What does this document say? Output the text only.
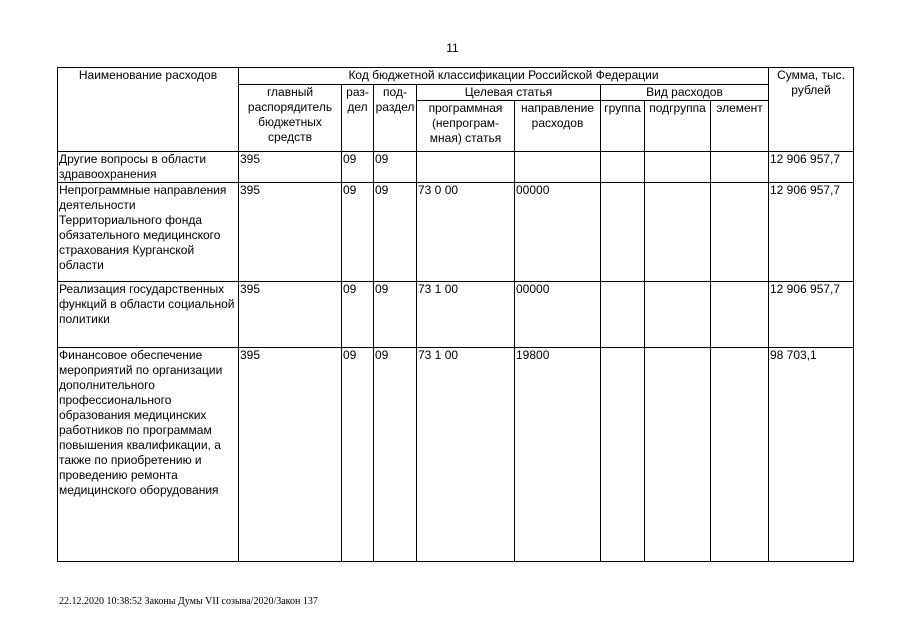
11
Наименование расходов	Код бюджетной классификации Российской Федерации								Сумма, тыс. рублей
	главный распорядитель бюджетных средств	раз- дел	под- раздел	Целевая статья		Вид расходов			
				программная (непрограм- мная) статья	направление расходов	группа	подгруппа	элемент	
Другие вопросы в области здравоохранения	395	09	09						12 906 957,7
Непрограммные направления деятельности Территориального фонда обязательного медицинского страхования Курганской области	395	09	09	73 0 00	00000				12 906 957,7
Реализация государственных функций в области социальной политики	395	09	09	73 1 00	00000				12 906 957,7
Финансовое обеспечение мероприятий по организации дополнительного профессионального образования медицинских работников по программам повышения квалификации, а также по приобретению и проведению ремонта медицинского оборудования	395	09	09	73 1 00	19800				98 703,1
22.12.2020 10:38:52 Законы Думы VII созыва/2020/Закон 137
